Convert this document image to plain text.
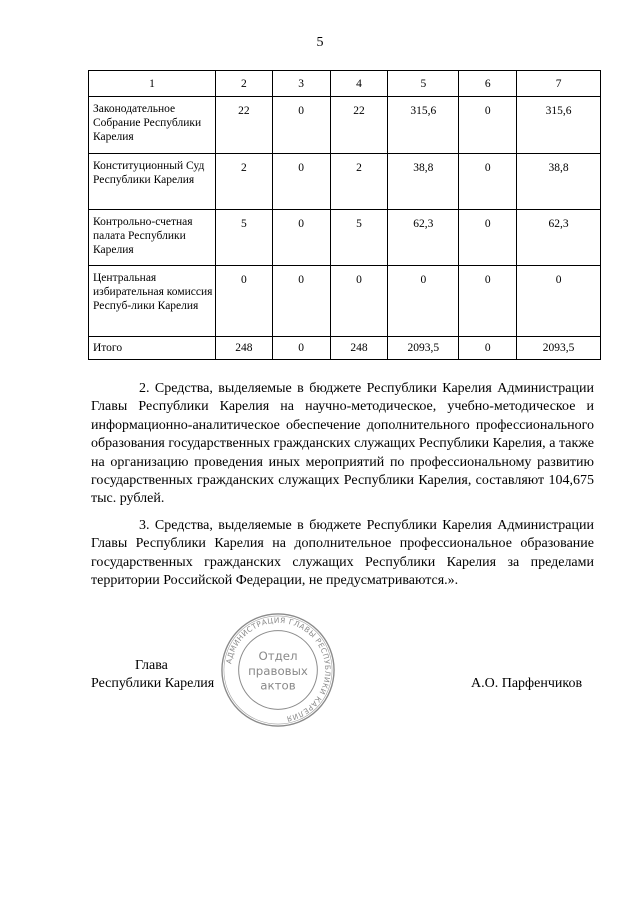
5
1	2	3	4	5	6	7
Законодательное Собрание Республики Карелия	22	0	22	315,6	0	315,6
Конституционный Суд Республики Карелия	2	0	2	38,8	0	38,8
Контрольно-счетная палата Республики Карелия	5	0	5	62,3	0	62,3
Центральная избирательная комиссия Респуб-лики Карелия	0	0	0	0	0	0
Итого	248	0	248	2093,5	0	2093,5

2. Средства, выделяемые в бюджете Республики Карелия Администрации Главы Республики Карелия на научно-методическое, учебно-методическое и информационно-аналитическое обеспечение дополнительного профессионального образования государственных гражданских служащих Республики Карелия, а также на организацию проведения иных мероприятий по профессиональному развитию государственных гражданских служащих Республики Карелия, составляют 104,675 тыс. рублей.

3. Средства, выделяемые в бюджете Республики Карелия Администрации Главы Республики Карелия на дополнительное профессиональное образование государственных гражданских служащих Республики Карелия за пределами территории Российской Федерации, не предусматриваются.».

Глава
Республики Карелия	А.О. Парфенчиков
АДМИНИСТРАЦИЯ ГЛАВЫ РЕСПУБЛИКИ КАРЕЛИЯ
Отдел
правовых
актов
